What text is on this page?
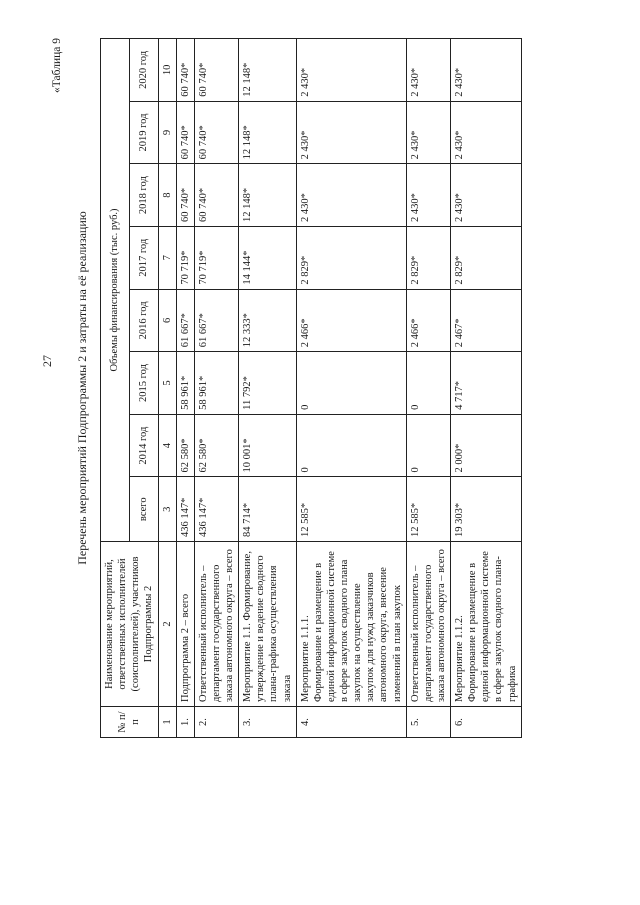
27
«Таблица 9
Перечень мероприятий Подпрограммы 2 и затраты на её реализацию
№ п/п	Наименование мероприятий, ответственных исполнителей (соисполнителей), участников Подпрограммы 2	Объемы финансирования (тыс. руб.)							
		всего	2014 год	2015 год	2016 год	2017 год	2018 год	2019 год	2020 год
1	2	3	4	5	6	7	8	9	10
1.	Подпрограмма 2 – всего	436 147*	62 580*	58 961*	61 667*	70 719*	60 740*	60 740*	60 740*
2.	Ответственный исполнитель – департамент государственного заказа автономного округа – всего	436 147*	62 580*	58 961*	61 667*	70 719*	60 740*	60 740*	60 740*
3.	Мероприятие 1.1. Формирование, утверждение и ведение сводного плана-графика осуществления заказа	84 714*	10 001*	11 792*	12 333*	14 144*	12 148*	12 148*	12 148*
4.	Мероприятие 1.1.1. Формирование и размещение в единой информационной системе в сфере закупок сводного плана закупок на осуществление закупок для нужд заказчиков автономного округа, внесение изменений в план закупок	12 585*	0	0	2 466*	2 829*	2 430*	2 430*	2 430*
5.	Ответственный исполнитель – департамент государственного заказа автономного округа – всего	12 585*	0	0	2 466*	2 829*	2 430*	2 430*	2 430*
6.	Мероприятие 1.1.2. Формирование и размещение в единой информационной системе в сфере закупок сводного плана-графика	19 303*	2 000*	4 717*	2 467*	2 829*	2 430*	2 430*	2 430*
